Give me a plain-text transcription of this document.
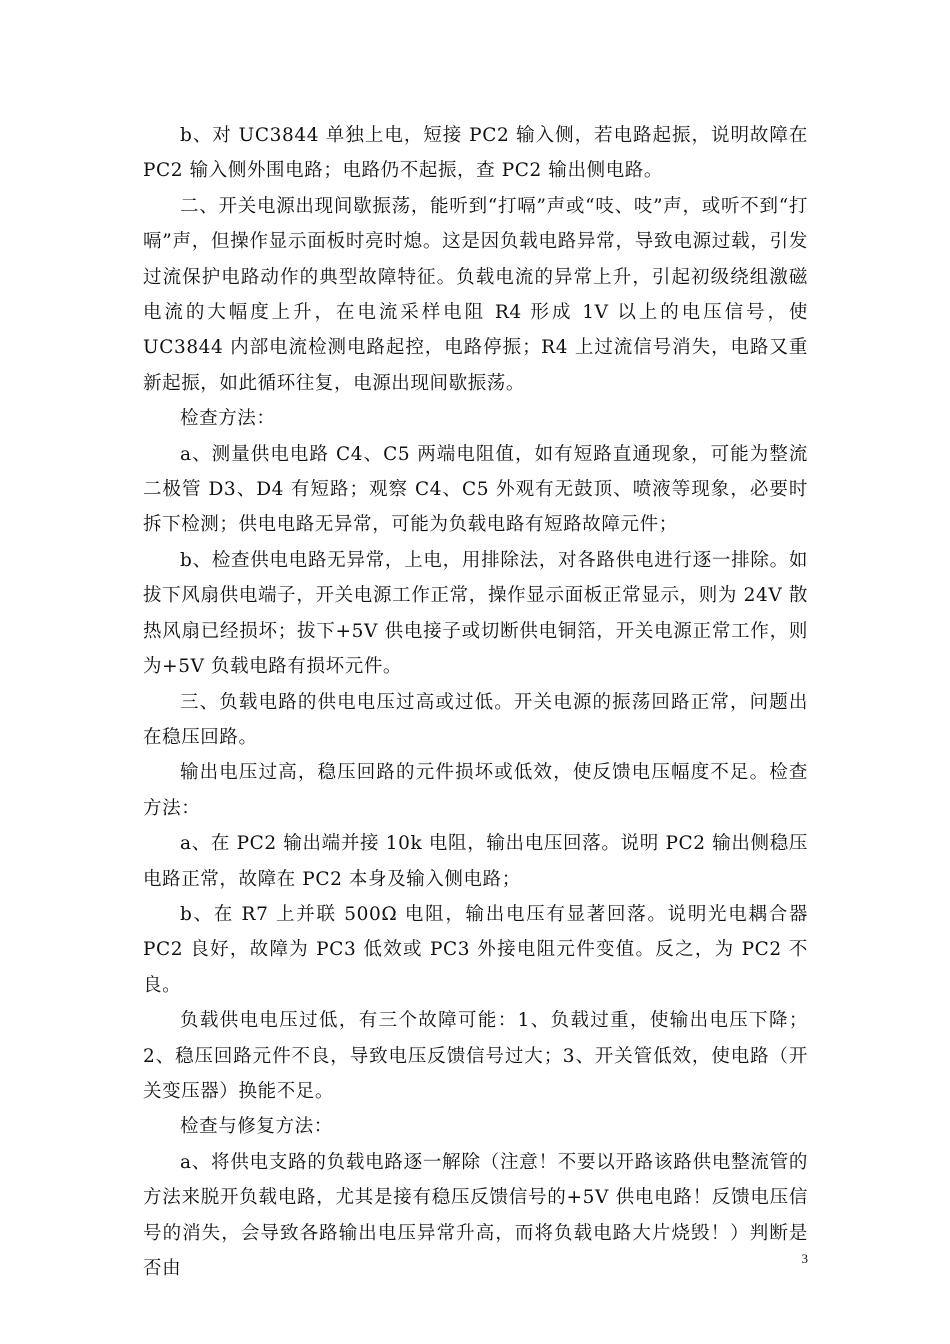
b、对 UC3844 单独上电，短接 PC2 输入侧，若电路起振，说明故障在 PC2 输入侧外围电路；电路仍不起振，查 PC2 输出侧电路。

二、开关电源出现间歇振荡，能听到“打嗝”声或“吱、吱”声，或听不到“打嗝”声，但操作显示面板时亮时熄。这是因负载电路异常，导致电源过载，引发过流保护电路动作的典型故障特征。负载电流的异常上升，引起初级绕组激磁电流的大幅度上升，在电流采样电阻 R4 形成 1V 以上的电压信号，使 UC3844 内部电流检测电路起控，电路停振；R4 上过流信号消失，电路又重新起振，如此循环往复，电源出现间歇振荡。

检查方法：

a、测量供电电路 C4、C5 两端电阻值，如有短路直通现象，可能为整流二极管 D3、D4 有短路；观察 C4、C5 外观有无鼓顶、喷液等现象，必要时拆下检测；供电电路无异常，可能为负载电路有短路故障元件；

b、检查供电电路无异常，上电，用排除法，对各路供电进行逐一排除。如拔下风扇供电端子，开关电源工作正常，操作显示面板正常显示，则为 24V 散热风扇已经损坏；拔下+5V 供电接子或切断供电铜箔，开关电源正常工作，则为+5V 负载电路有损坏元件。

三、负载电路的供电电压过高或过低。开关电源的振荡回路正常，问题出在稳压回路。

输出电压过高，稳压回路的元件损坏或低效，使反馈电压幅度不足。检查方法：

a、在 PC2 输出端并接 10k 电阻，输出电压回落。说明 PC2 输出侧稳压电路正常，故障在 PC2 本身及输入侧电路；

b、在 R7 上并联 500Ω 电阻，输出电压有显著回落。说明光电耦合器 PC2 良好，故障为 PC3 低效或 PC3 外接电阻元件变值。反之，为 PC2 不良。

负载供电电压过低，有三个故障可能：1、负载过重，使输出电压下降；2、稳压回路元件不良，导致电压反馈信号过大；3、开关管低效，使电路（开关变压器）换能不足。

检查与修复方法：

a、将供电支路的负载电路逐一解除（注意！不要以开路该路供电整流管的方法来脱开负载电路，尤其是接有稳压反馈信号的+5V 供电电路！反馈电压信号的消失，会导致各路输出电压异常升高，而将负载电路大片烧毁！）判断是否由	3
